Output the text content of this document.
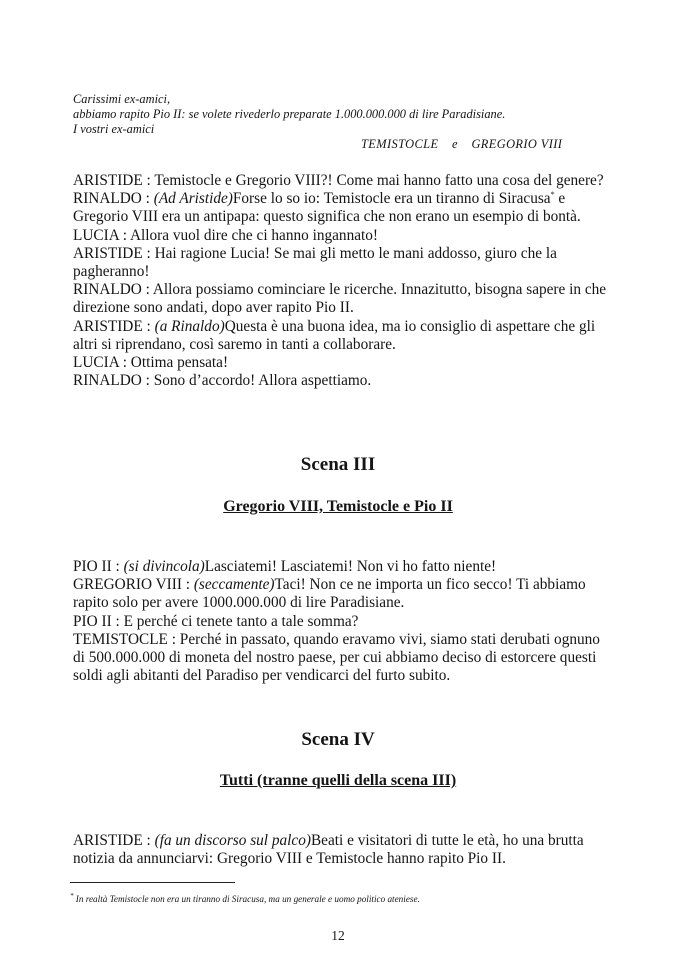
Carissimi ex-amici,
abbiamo rapito Pio II: se volete rivederlo preparate 1.000.000.000 di lire Paradisiane.
I vostri ex-amici
TEMISTOCLE e GREGORIO VIII

ARISTIDE : Temistocle e Gregorio VIII?! Come mai hanno fatto una cosa del genere?

RINALDO : (Ad Aristide)Forse lo so io: Temistocle era un tiranno di Siracusa* e Gregorio VIII era un antipapa: questo significa che non erano un esempio di bontà.

LUCIA : Allora vuol dire che ci hanno ingannato!

ARISTIDE : Hai ragione Lucia! Se mai gli metto le mani addosso, giuro che la pagheranno!

RINALDO : Allora possiamo cominciare le ricerche. Innazitutto, bisogna sapere in che direzione sono andati, dopo aver rapito Pio II.

ARISTIDE : (a Rinaldo)Questa è una buona idea, ma io consiglio di aspettare che gli altri si riprendano, così saremo in tanti a collaborare.

LUCIA : Ottima pensata!

RINALDO : Sono d’accordo! Allora aspettiamo.

Scena III
Gregorio VIII, Temistocle e Pio II

PIO II : (si divincola)Lasciatemi! Lasciatemi! Non vi ho fatto niente!

GREGORIO VIII : (seccamente)Taci! Non ce ne importa un fico secco! Ti abbiamo rapito solo per avere 1000.000.000 di lire Paradisiane.

PIO II : E perché ci tenete tanto a tale somma?

TEMISTOCLE : Perché in passato, quando eravamo vivi, siamo stati derubati ognuno di 500.000.000 di moneta del nostro paese, per cui abbiamo deciso di estorcere questi soldi agli abitanti del Paradiso per vendicarci del furto subito.

Scena IV
Tutti (tranne quelli della scena III)

ARISTIDE : (fa un discorso sul palco)Beati e visitatori di tutte le età, ho una brutta notizia da annunciarvi: Gregorio VIII e Temistocle hanno rapito Pio II.

* In realtà Temistocle non era un tiranno di Siracusa, ma un generale e uomo politico ateniese.
12
